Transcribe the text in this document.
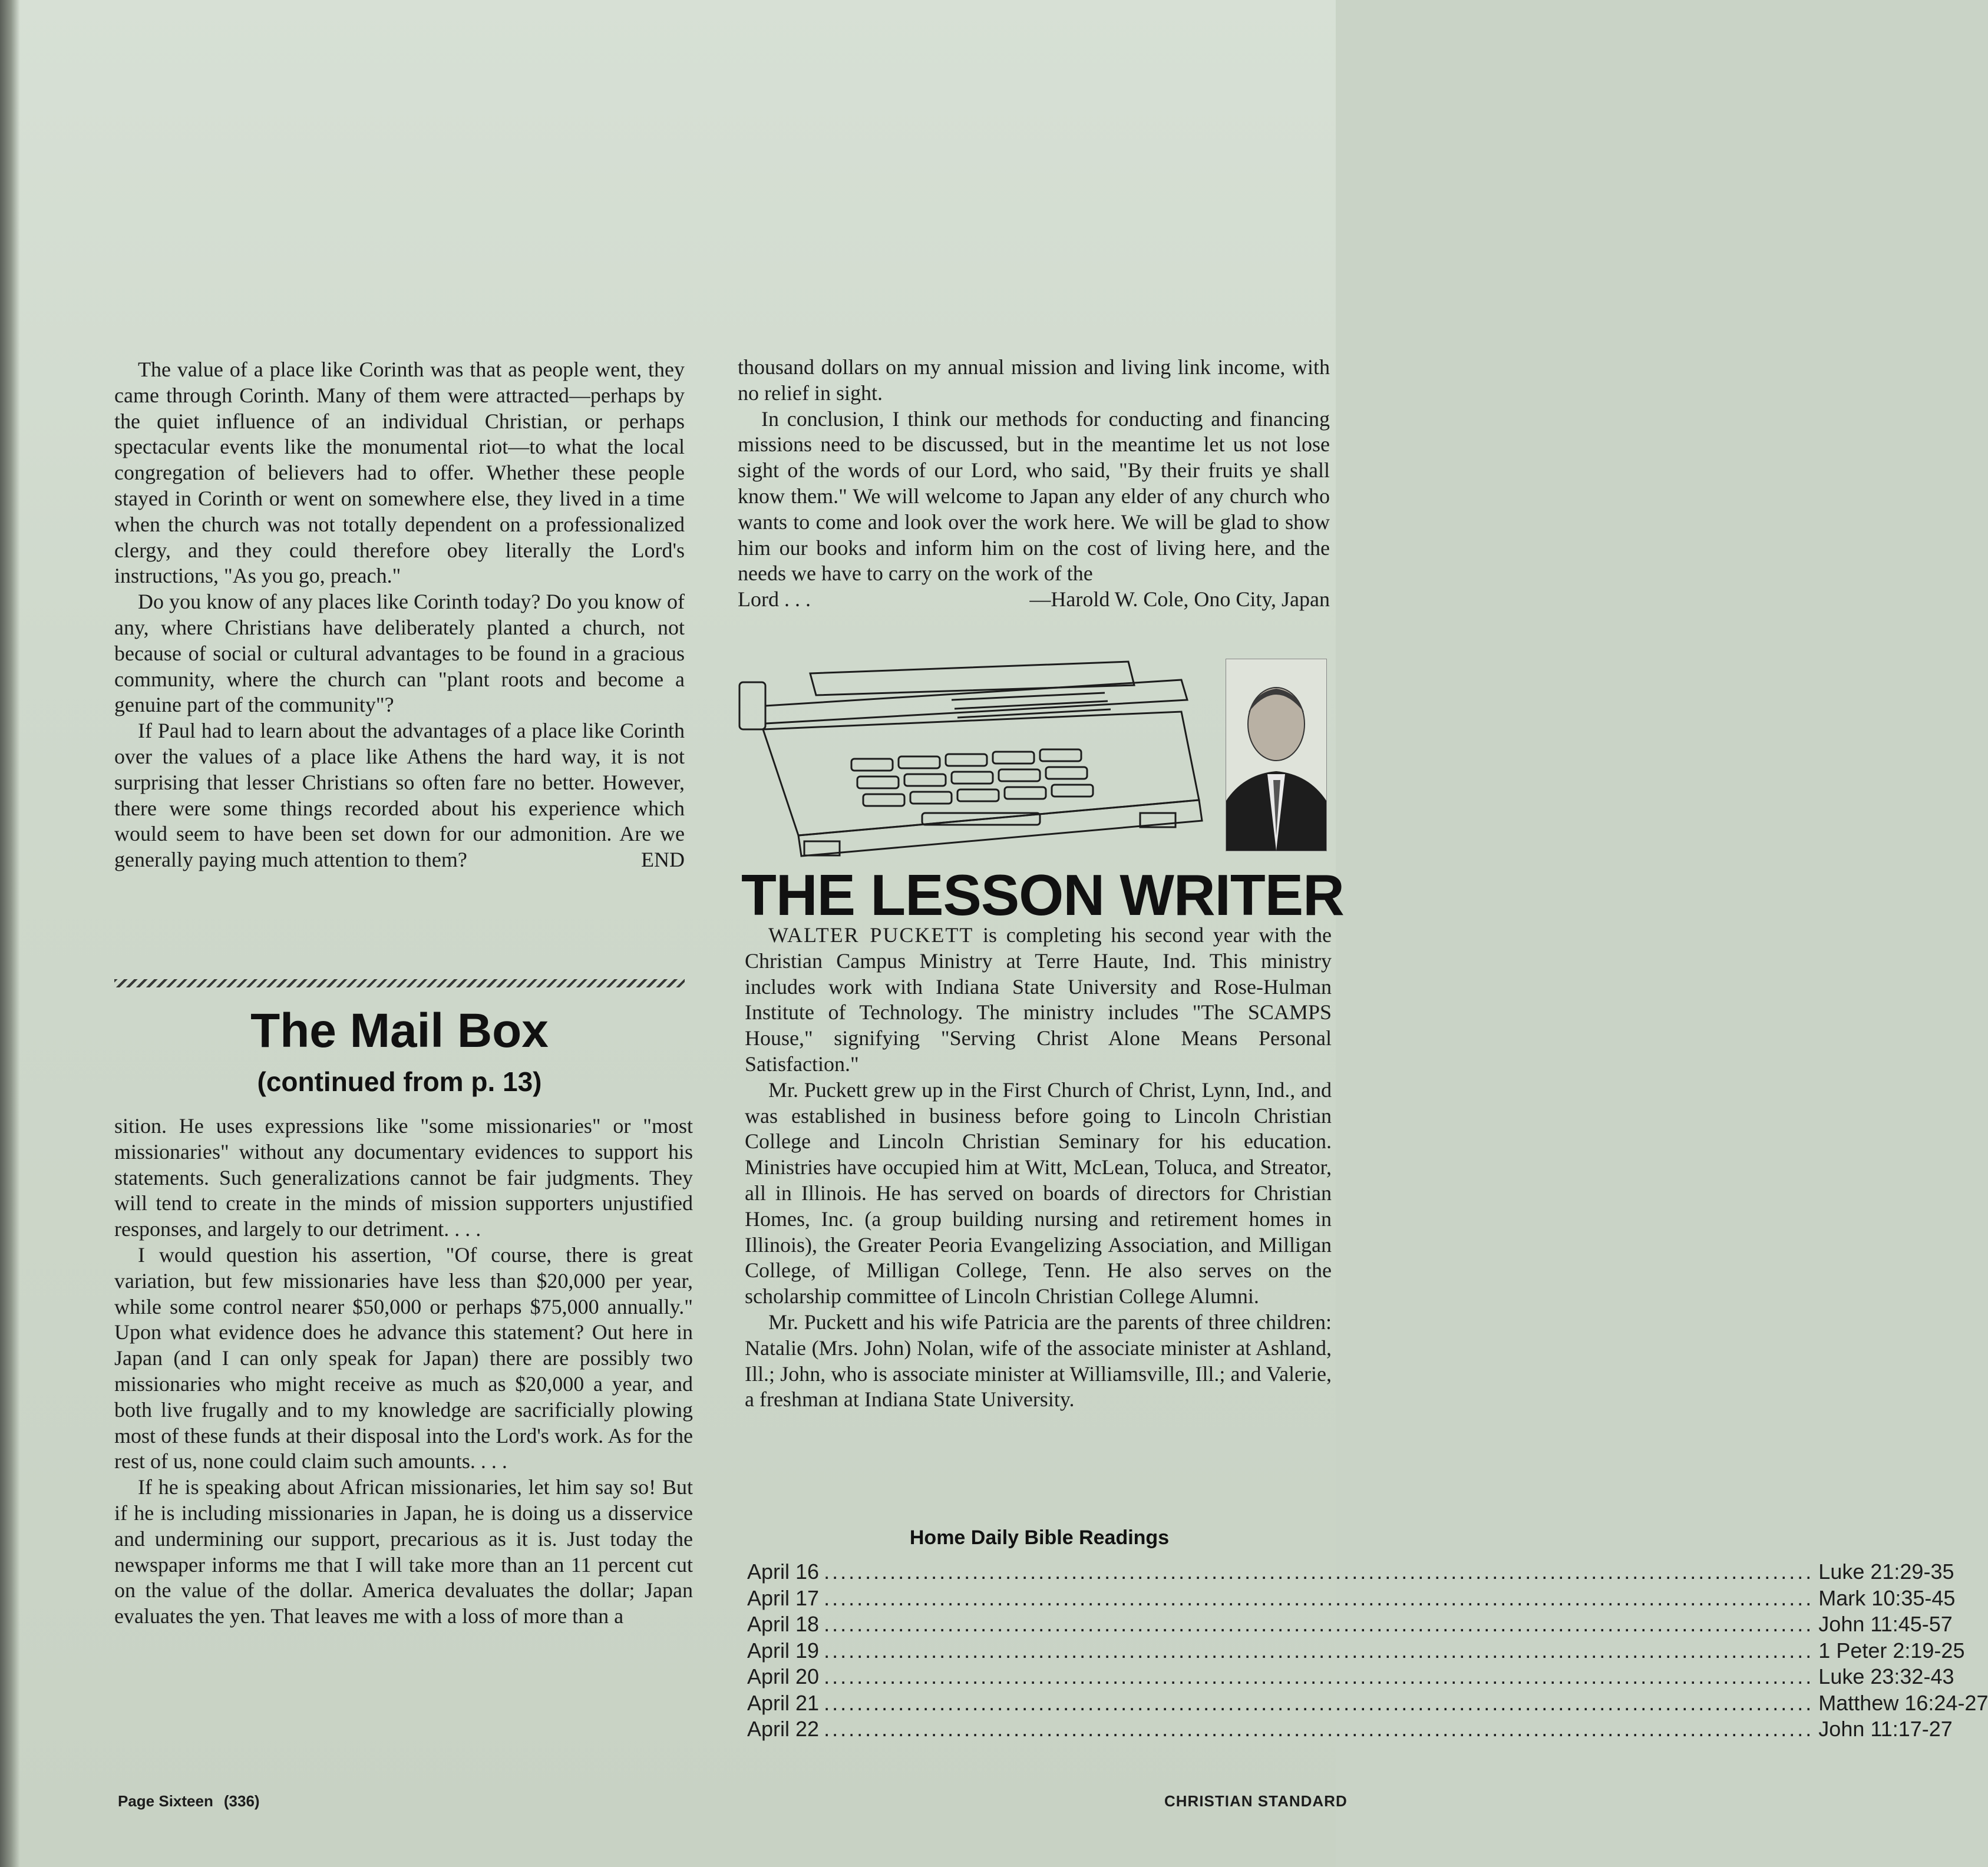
The value of a place like Corinth was that as people went, they came through Corinth. Many of them were attracted—perhaps by the quiet influence of an individual Christian, or perhaps spectacular events like the monumental riot—to what the local congregation of believers had to offer. Whether these people stayed in Corinth or went on somewhere else, they lived in a time when the church was not totally dependent on a professionalized clergy, and they could therefore obey literally the Lord's instructions, "As you go, preach."

Do you know of any places like Corinth today? Do you know of any, where Christians have deliberately planted a church, not because of social or cultural advantages to be found in a gracious community, where the church can "plant roots and become a genuine part of the community"?

If Paul had to learn about the advantages of a place like Corinth over the values of a place like Athens the hard way, it is not surprising that lesser Christians so often fare no better. However, there were some things recorded about his experience which would seem to have been set down for our admonition. Are we generally paying much attention to them?	END

The Mail Box
(continued from p. 13)

sition. He uses expressions like "some missionaries" or "most missionaries" without any documentary evidences to support his statements. Such generalizations cannot be fair judgments. They will tend to create in the minds of mission supporters unjustified responses, and largely to our detriment. . . .

I would question his assertion, "Of course, there is great variation, but few missionaries have less than $20,000 per year, while some control nearer $50,000 or perhaps $75,000 annually." Upon what evidence does he advance this statement? Out here in Japan (and I can only speak for Japan) there are possibly two missionaries who might receive as much as $20,000 a year, and both live frugally and to my knowledge are sacrificially plowing most of these funds at their disposal into the Lord's work. As for the rest of us, none could claim such amounts. . . .

If he is speaking about African missionaries, let him say so! But if he is including missionaries in Japan, he is doing us a disservice and undermining our support, precarious as it is. Just today the newspaper informs me that I will take more than an 11 percent cut on the value of the dollar. America devaluates the dollar; Japan evaluates the yen. That leaves me with a loss of more than a

thousand dollars on my annual mission and living link income, with no relief in sight.

In conclusion, I think our methods for conducting and financing missions need to be discussed, but in the meantime let us not lose sight of the words of our Lord, who said, "By their fruits ye shall know them." We will welcome to Japan any elder of any church who wants to come and look over the work here. We will be glad to show him our books and inform him on the cost of living here, and the needs we have to carry on the work of the

Lord . . .	—Harold W. Cole, Ono City, Japan
THE LESSON WRITER

WALTER PUCKETT is completing his second year with the Christian Campus Ministry at Terre Haute, Ind. This ministry includes work with Indiana State University and Rose-Hulman Institute of Technology. The ministry includes "The SCAMPS House," signifying "Serving Christ Alone Means Personal Satisfaction."

Mr. Puckett grew up in the First Church of Christ, Lynn, Ind., and was established in business before going to Lincoln Christian College and Lincoln Christian Seminary for his education. Ministries have occupied him at Witt, McLean, Toluca, and Streator, all in Illinois. He has served on boards of directors for Christian Homes, Inc. (a group building nursing and retirement homes in Illinois), the Greater Peoria Evangelizing Association, and Milligan College, of Milligan College, Tenn. He also serves on the scholarship committee of Lincoln Christian College Alumni.

Mr. Puckett and his wife Patricia are the parents of three children: Natalie (Mrs. John) Nolan, wife of the associate minister at Ashland, Ill.; John, who is associate minister at Williamsville, Ill.; and Valerie, a freshman at Indiana State University.

Home Daily Bible Readings
April 16 ........................................................................................................................ Luke 21:29-35
April 17 ........................................................................................................................ Mark 10:35-45
April 18 ........................................................................................................................ John 11:45-57
April 19 ........................................................................................................................ 1 Peter 2:19-25
April 20 ........................................................................................................................ Luke 23:32-43
April 21 ........................................................................................................................ Matthew 16:24-27
April 22 ........................................................................................................................ John 11:17-27
Page Sixteen (336)	CHRISTIAN STANDARD
